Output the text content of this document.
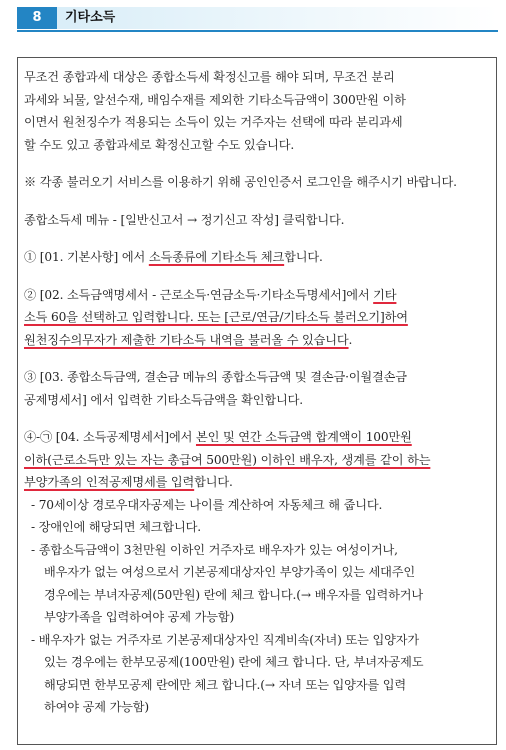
8	기타소득
무조건 종합과세 대상은 종합소득세 확정신고를 해야 되며, 무조건 분리
과세와 뇌물, 알선수재, 배임수재를 제외한 기타소득금액이 300만원 이하
이면서 원천징수가 적용되는 소득이 있는 거주자는 선택에 따라 분리과세
할 수도 있고 종합과세로 확정신고할 수도 있습니다.
※ 각종 불러오기 서비스를 이용하기 위해 공인인증서 로그인을 해주시기 바랍니다.
종합소득세 메뉴 - [일반신고서 → 정기신고 작성] 클릭합니다.
① [01. 기본사항] 에서 소득종류에 기타소득 체크합니다.
② [02. 소득금액명세서 - 근로소득·연금소득·기타소득명세서]에서 기타
소득 60을 선택하고 입력합니다. 또는 [근로/연금/기타소득 불러오기]하여
원천징수의무자가 제출한 기타소득 내역을 불러올 수 있습니다.
③ [03. 종합소득금액, 결손금 메뉴의 종합소득금액 및 결손금·이월결손금
공제명세서] 에서 입력한 기타소득금액을 확인합니다.
④-㉠ [04. 소득공제명세서]에서 본인 및 연간 소득금액 합계액이 100만원
이하(근로소득만 있는 자는 총급여 500만원) 이하인 배우자, 생계를 같이 하는
부양가족의 인적공제명세를 입력합니다.
- 70세이상 경로우대자공제는 나이를 계산하여 자동체크 해 줍니다.
- 장애인에 해당되면 체크합니다.
- 종합소득금액이 3천만원 이하인 거주자로 배우자가 있는 여성이거나,
배우자가 없는 여성으로서 기본공제대상자인 부양가족이 있는 세대주인
경우에는 부녀자공제(50만원) 란에 체크 합니다.(→ 배우자를 입력하거나
부양가족을 입력하여야 공제 가능함)
- 배우자가 없는 거주자로 기본공제대상자인 직계비속(자녀) 또는 입양자가
있는 경우에는 한부모공제(100만원) 란에 체크 합니다. 단, 부녀자공제도
해당되면 한부모공제 란에만 체크 합니다.(→ 자녀 또는 입양자를 입력
하여야 공제 가능함)
